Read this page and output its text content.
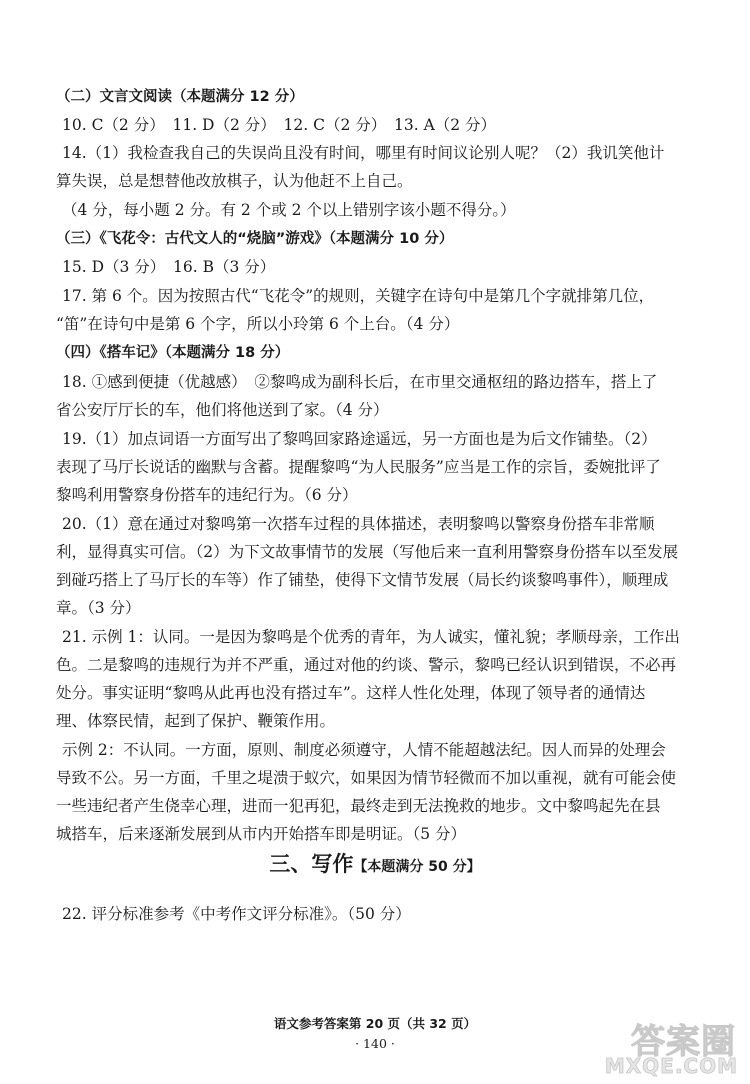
（二）文言文阅读（本题满分 12 分）
10. C（2 分）　11. D（2 分）　12. C（2 分）　13. A（2 分）
14.（1）我检查我自己的失误尚且没有时间，哪里有时间议论别人呢？（2）我讥笑他计
算失误，总是想替他改放棋子，认为他赶不上自己。
（4 分，每小题 2 分。有 2 个或 2 个以上错别字该小题不得分。）
（三）《飞花令：古代文人的“烧脑”游戏》（本题满分 10 分）
15. D（3 分）　16. B（3 分）
17. 第 6 个。因为按照古代“飞花令”的规则，关键字在诗句中是第几个字就排第几位，
“笛”在诗句中是第 6 个字，所以小玲第 6 个上台。（4 分）
（四）《搭车记》（本题满分 18 分）
18. ①感到便捷（优越感）　②黎鸣成为副科长后，在市里交通枢纽的路边搭车，搭上了
省公安厅厅长的车，他们将他送到了家。（4 分）
19.（1）加点词语一方面写出了黎鸣回家路途遥远，另一方面也是为后文作铺垫。（2）
表现了马厅长说话的幽默与含蓄。提醒黎鸣“为人民服务”应当是工作的宗旨，委婉批评了
黎鸣利用警察身份搭车的违纪行为。（6 分）
20.（1）意在通过对黎鸣第一次搭车过程的具体描述，表明黎鸣以警察身份搭车非常顺
利，显得真实可信。（2）为下文故事情节的发展（写他后来一直利用警察身份搭车以至发展
到碰巧搭上了马厅长的车等）作了铺垫，使得下文情节发展（局长约谈黎鸣事件），顺理成
章。（3 分）
21. 示例 1：认同。一是因为黎鸣是个优秀的青年，为人诚实，懂礼貌；孝顺母亲，工作出
色。二是黎鸣的违规行为并不严重，通过对他的约谈、警示，黎鸣已经认识到错误，不必再
处分。事实证明“黎鸣从此再也没有搭过车”。这样人性化处理，体现了领导者的通情达
理、体察民情，起到了保护、鞭策作用。
示例 2：不认同。一方面，原则、制度必须遵守，人情不能超越法纪。因人而异的处理会
导致不公。另一方面，千里之堤溃于蚁穴，如果因为情节轻微而不加以重视，就有可能会使
一些违纪者产生侥幸心理，进而一犯再犯，最终走到无法挽救的地步。文中黎鸣起先在县
城搭车，后来逐渐发展到从市内开始搭车即是明证。（5 分）
三、写作【本题满分 50 分】
22. 评分标准参考《中考作文评分标准》。（50 分）
语文参考答案第 20 页（共 32 页）
· 140 ·	答案圈
MXQE.COM
